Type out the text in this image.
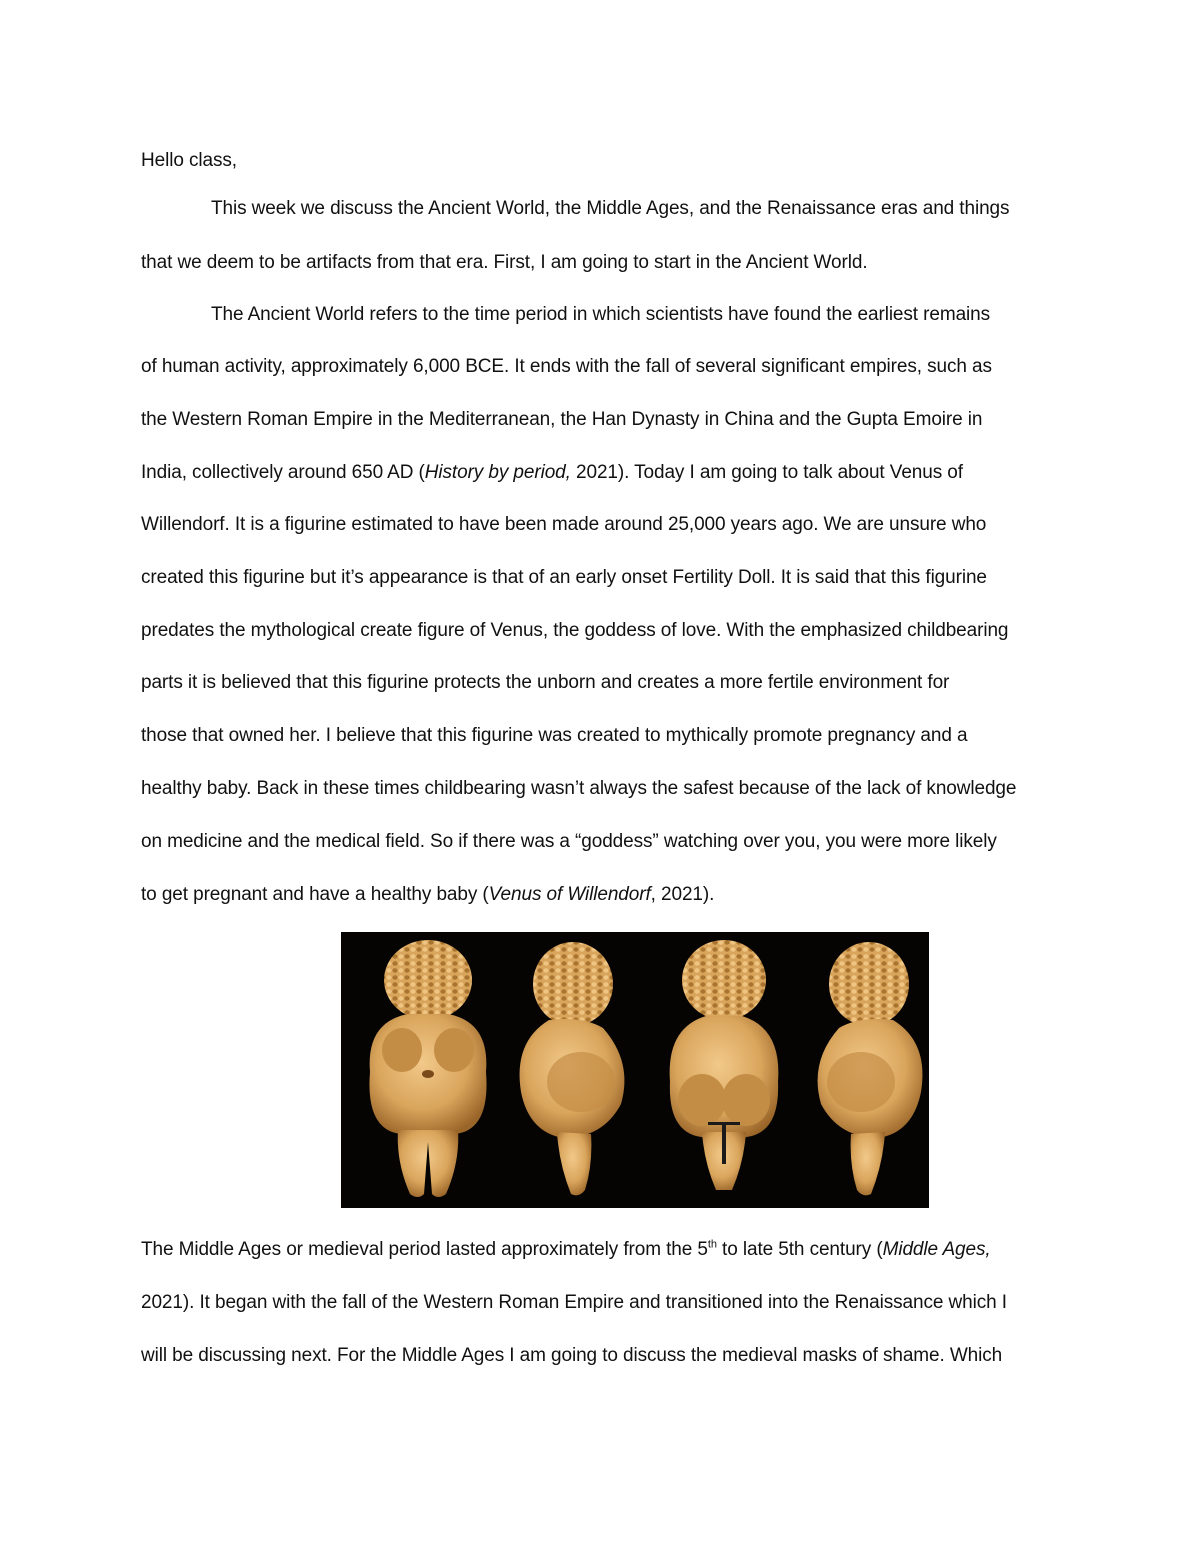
Hello class,
This week we discuss the Ancient World, the Middle Ages, and the Renaissance eras and things
that we deem to be artifacts from that era. First, I am going to start in the Ancient World.
The Ancient World refers to the time period in which scientists have found the earliest remains
of human activity, approximately 6,000 BCE. It ends with the fall of several significant empires, such as
the Western Roman Empire in the Mediterranean, the Han Dynasty in China and the Gupta Emoire in
India, collectively around 650 AD (History by period, 2021). Today I am going to talk about Venus of
Willendorf. It is a figurine estimated to have been made around 25,000 years ago. We are unsure who
created this figurine but it’s appearance is that of an early onset Fertility Doll. It is said that this figurine
predates the mythological create figure of Venus, the goddess of love. With the emphasized childbearing
parts it is believed that this figurine protects the unborn and creates a more fertile environment for
those that owned her. I believe that this figurine was created to mythically promote pregnancy and a
healthy baby. Back in these times childbearing wasn’t always the safest because of the lack of knowledge
on medicine and the medical field. So if there was a “goddess” watching over you, you were more likely
to get pregnant and have a healthy baby (Venus of Willendorf, 2021).
The Middle Ages or medieval period lasted approximately from the 5th to late 5th century (Middle Ages,
2021). It began with the fall of the Western Roman Empire and transitioned into the Renaissance which I
will be discussing next. For the Middle Ages I am going to discuss the medieval masks of shame. Which
